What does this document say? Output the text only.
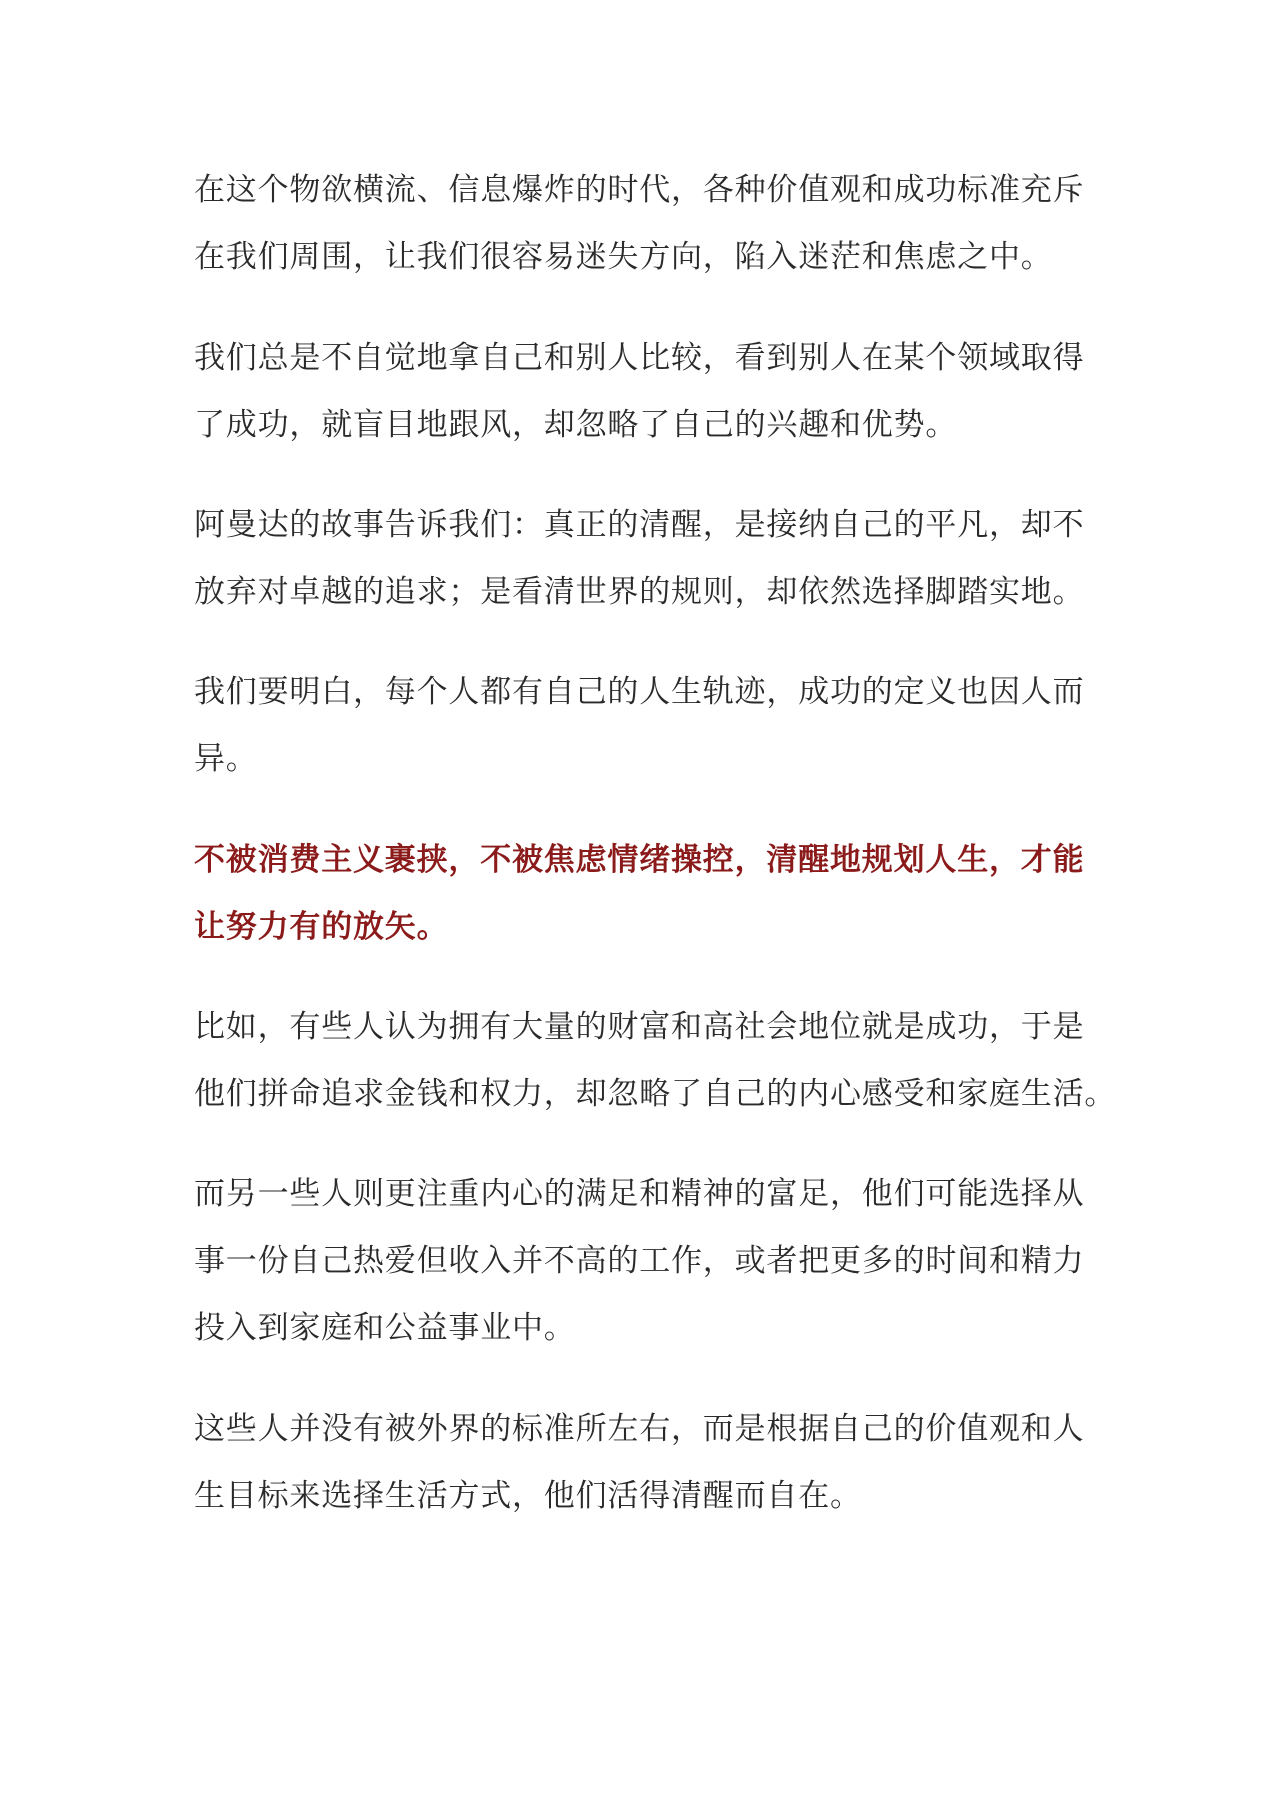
在这个物欲横流、信息爆炸的时代，各种价值观和成功标准充斥
在我们周围，让我们很容易迷失方向，陷入迷茫和焦虑之中。
我们总是不自觉地拿自己和别人比较，看到别人在某个领域取得
了成功，就盲目地跟风，却忽略了自己的兴趣和优势。
阿曼达的故事告诉我们：真正的清醒，是接纳自己的平凡，却不
放弃对卓越的追求；是看清世界的规则，却依然选择脚踏实地。
我们要明白，每个人都有自己的人生轨迹，成功的定义也因人而
异。
不被消费主义裹挟，不被焦虑情绪操控，清醒地规划人生，才能
让努力有的放矢。
比如，有些人认为拥有大量的财富和高社会地位就是成功，于是
他们拼命追求金钱和权力，却忽略了自己的内心感受和家庭生活。
而另一些人则更注重内心的满足和精神的富足，他们可能选择从
事一份自己热爱但收入并不高的工作，或者把更多的时间和精力
投入到家庭和公益事业中。
这些人并没有被外界的标准所左右，而是根据自己的价值观和人
生目标来选择生活方式，他们活得清醒而自在。
